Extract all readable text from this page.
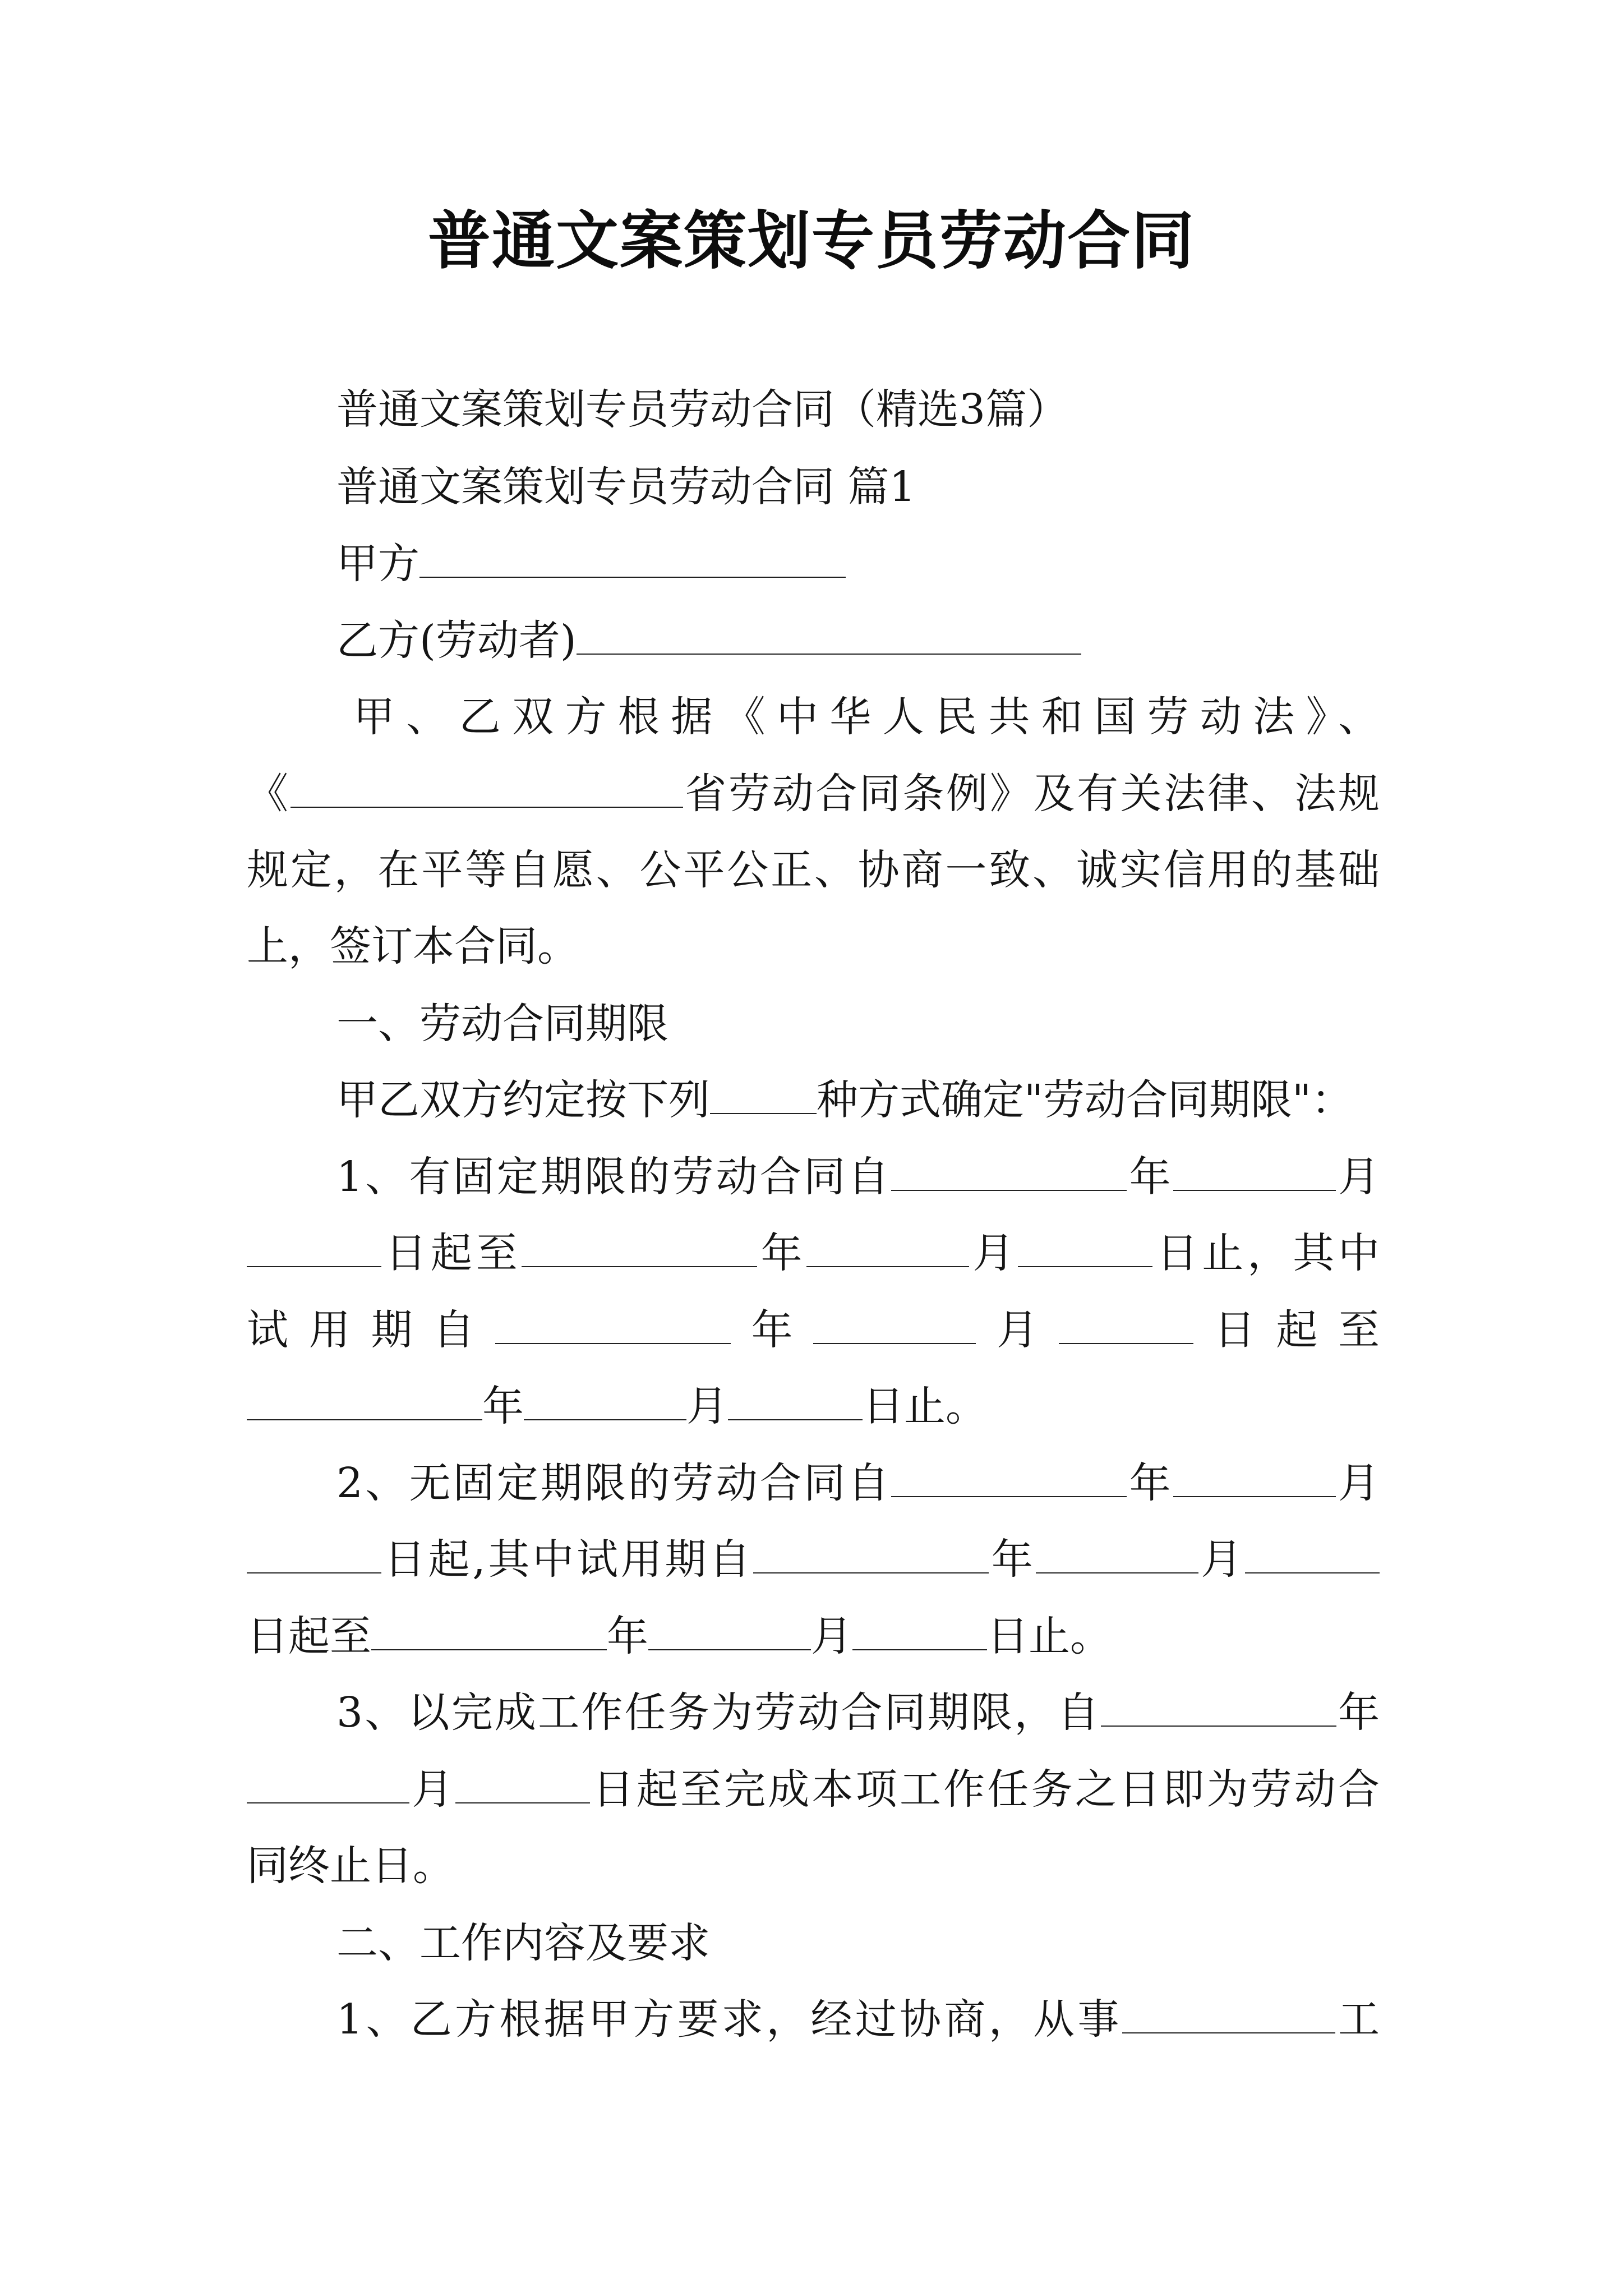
普通文案策划专员劳动合同
普通文案策划专员劳动合同（精选3篇）
普通文案策划专员劳动合同 篇1
甲方
乙方(劳动者)
甲、乙双方根据《中华人民共和国劳动法》、
《	省劳动合同条例》及有关法律、法规
规定，在平等自愿、公平公正、协商一致、诚实信用的基础
上，签订本合同。
一、劳动合同期限
甲乙双方约定按下列	种方式确定"劳动合同期限"：
1、有固定期限的劳动合同自	年	月
日起至	年	月	日止，其中
试用期自	年	月	日起至
年	月	日止。
2、无固定期限的劳动合同自	年	月
日起,其中试用期自	年	月
日起至	年	月	日止。
3、以完成工作任务为劳动合同期限，自	年
月	日起至完成本项工作任务之日即为劳动合
同终止日。
二、工作内容及要求
1、乙方根据甲方要求，经过协商，从事	工
